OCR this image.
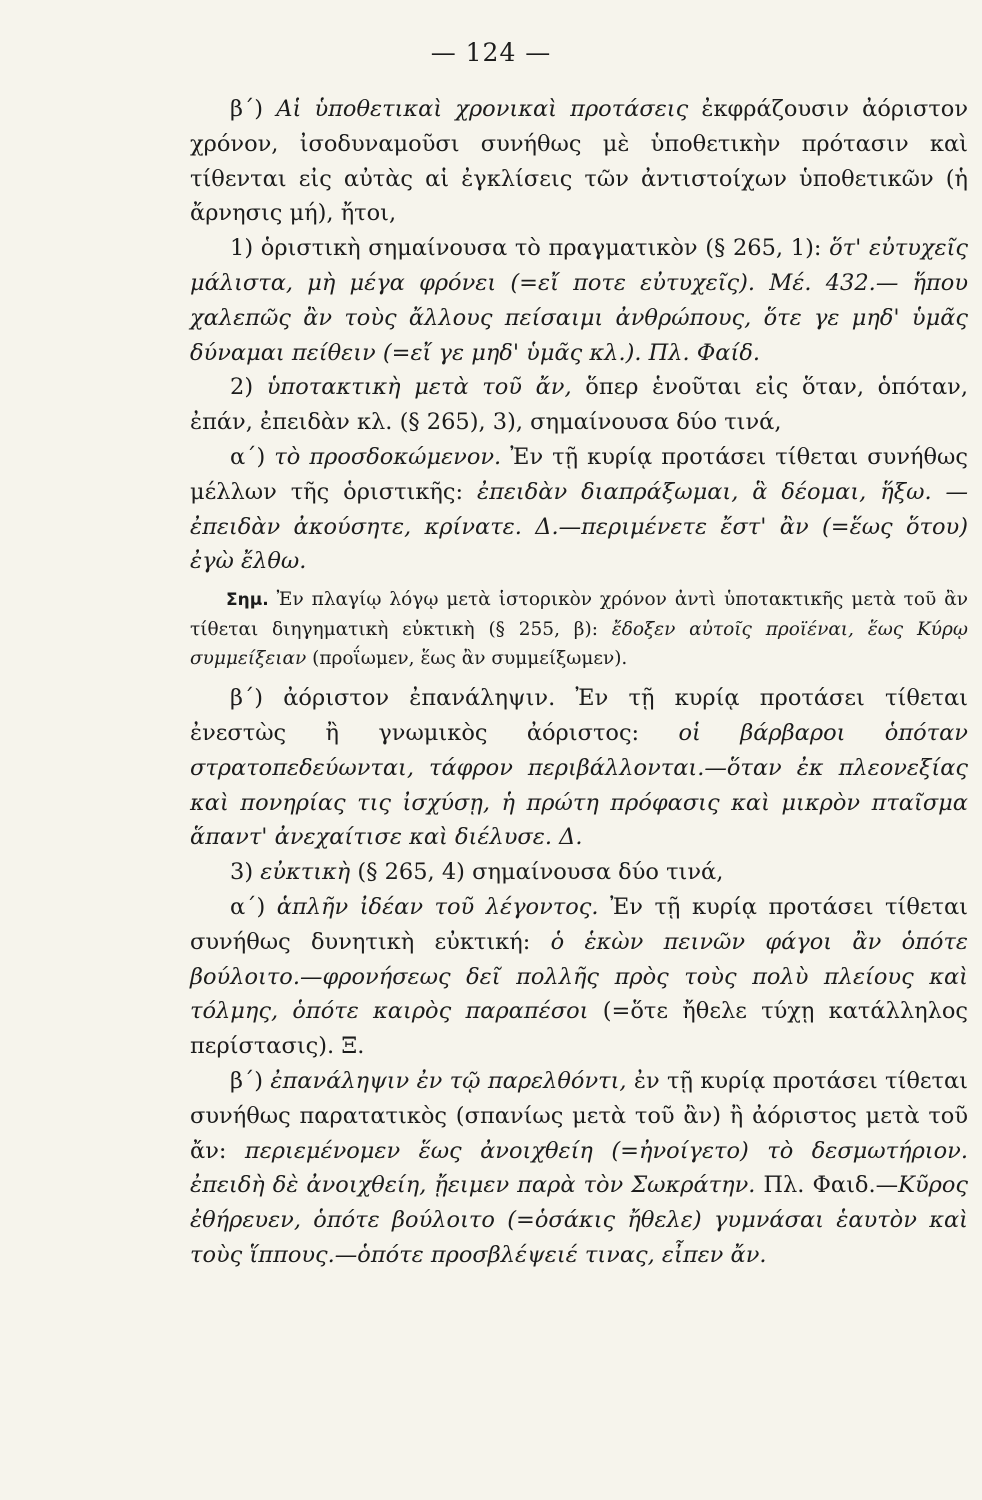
— 124 —

β΄) Αἱ ὑποθετικαὶ χρονικαὶ προτάσεις ἐκφράζουσιν ἀόριστον χρόνον, ἰσοδυναμοῦσι συνήθως μὲ ὑποθετικὴν πρότασιν καὶ τίθενται εἰς αὐτὰς αἱ ἐγκλίσεις τῶν ἀντιστοίχων ὑποθετικῶν (ἡ ἄρνησις μή), ἤτοι,

1) ὁριστικὴ σημαίνουσα τὸ πραγματικὸν (§ 265, 1): ὅτ' εὐτυχεῖς μάλιστα, μὴ μέγα φρόνει (=εἴ ποτε εὐτυχεῖς). Μέ. 432.— ἥπου χαλεπῶς ἂν τοὺς ἄλλους πείσαιμι ἀνθρώπους, ὅτε γε μηδ' ὑμᾶς δύναμαι πείθειν (=εἴ γε μηδ' ὑμᾶς κλ.). Πλ. Φαίδ.

2) ὑποτακτικὴ μετὰ τοῦ ἄν, ὅπερ ἑνοῦται εἰς ὅταν, ὁπόταν, ἐπάν, ἐπειδὰν κλ. (§ 265), 3), σημαίνουσα δύο τινά,

α΄) τὸ προσδοκώμενον. Ἐν τῇ κυρίᾳ προτάσει τίθεται συνήθως μέλλων τῆς ὁριστικῆς: ἐπειδὰν διαπράξωμαι, ἃ δέομαι, ἥξω. —ἐπειδὰν ἀκούσητε, κρίνατε. Δ.—περιμένετε ἔστ' ἂν (=ἕως ὅτου) ἐγὼ ἔλθω.

Σημ. Ἐν πλαγίῳ λόγῳ μετὰ ἱστορικὸν χρόνον ἀντὶ ὑποτακτικῆς μετὰ τοῦ ἂν τίθεται διηγηματικὴ εὐκτικὴ (§ 255, β): ἔδοξεν αὐτοῖς προϊέναι, ἕως Κύρῳ συμμείξειαν (προΐωμεν, ἕως ἂν συμμείξωμεν).

β΄) ἀόριστον ἐπανάληψιν. Ἐν τῇ κυρίᾳ προτάσει τίθεται ἐνεστὼς ἢ γνωμικὸς ἀόριστος: οἱ βάρβαροι ὁπόταν στρατοπεδεύωνται, τάφρον περιβάλλονται.—ὅταν ἐκ πλεονεξίας καὶ πονηρίας τις ἰσχύσῃ, ἡ πρώτη πρόφασις καὶ μικρὸν πταῖσμα ἅπαντ' ἀνεχαίτισε καὶ διέλυσε. Δ.

3) εὐκτικὴ (§ 265, 4) σημαίνουσα δύο τινά,

α΄) ἁπλῆν ἰδέαν τοῦ λέγοντος. Ἐν τῇ κυρίᾳ προτάσει τίθεται συνήθως δυνητικὴ εὐκτική: ὁ ἑκὼν πεινῶν φάγοι ἂν ὁπότε βούλοιτο.—φρονήσεως δεῖ πολλῆς πρὸς τοὺς πολὺ πλείους καὶ τόλμης, ὁπότε καιρὸς παραπέσοι (=ὅτε ἤθελε τύχῃ κατάλληλος περίστασις). Ξ.

β΄) ἐπανάληψιν ἐν τῷ παρελθόντι, ἐν τῇ κυρίᾳ προτάσει τίθεται συνήθως παρατατικὸς (σπανίως μετὰ τοῦ ἂν) ἢ ἀόριστος μετὰ τοῦ ἄν: περιεμένομεν ἕως ἀνοιχθείη (=ἠνοίγετο) τὸ δεσμωτήριον. ἐπειδὴ δὲ ἀνοιχθείη, ᾔειμεν παρὰ τὸν Σωκράτην. Πλ. Φαιδ.—Κῦρος ἐθήρευεν, ὁπότε βούλοιτο (=ὁσάκις ἤθελε) γυμνάσαι ἑαυτὸν καὶ τοὺς ἵππους.—ὁπότε προσβλέψειέ τινας, εἶπεν ἄν.
